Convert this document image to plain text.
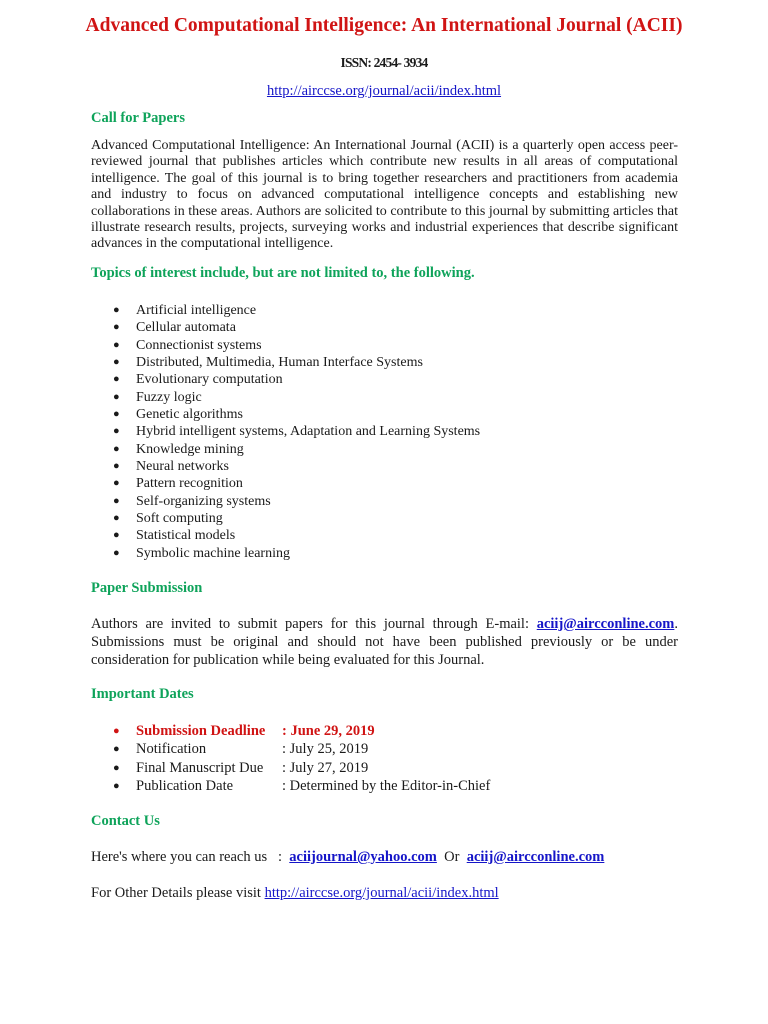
Advanced Computational Intelligence: An International Journal (ACII)
ISSN: 2454- 3934
http://airccse.org/journal/acii/index.html
Call for Papers

Advanced Computational Intelligence: An International Journal (ACII) is a quarterly open access peer-reviewed journal that publishes articles which contribute new results in all areas of computational intelligence. The goal of this journal is to bring together researchers and practitioners from academia and industry to focus on advanced computational intelligence concepts and establishing new collaborations in these areas. Authors are solicited to contribute to this journal by submitting articles that illustrate research results, projects, surveying works and industrial experiences that describe significant advances in the computational intelligence.

Topics of interest include, but are not limited to, the following.
● Artificial intelligence
● Cellular automata
● Connectionist systems
● Distributed, Multimedia, Human Interface Systems
● Evolutionary computation
● Fuzzy logic
● Genetic algorithms
● Hybrid intelligent systems, Adaptation and Learning Systems
● Knowledge mining
● Neural networks
● Pattern recognition
● Self-organizing systems
● Soft computing
● Statistical models
● Symbolic machine learning
Paper Submission

Authors are invited to submit papers for this journal through E-mail: aciij@aircconline.com. Submissions must be original and should not have been published previously or be under consideration for publication while being evaluated for this Journal.

Important Dates
● Submission Deadline : June 29, 2019
● Notification	: July 25, 2019
● Final Manuscript Due : July 27, 2019
● Publication Date	: Determined by the Editor-in-Chief
Contact Us
Here's where you can reach us   :  aciijournal@yahoo.com  Or  aciij@aircconline.com
For Other Details please visit http://airccse.org/journal/acii/index.html
